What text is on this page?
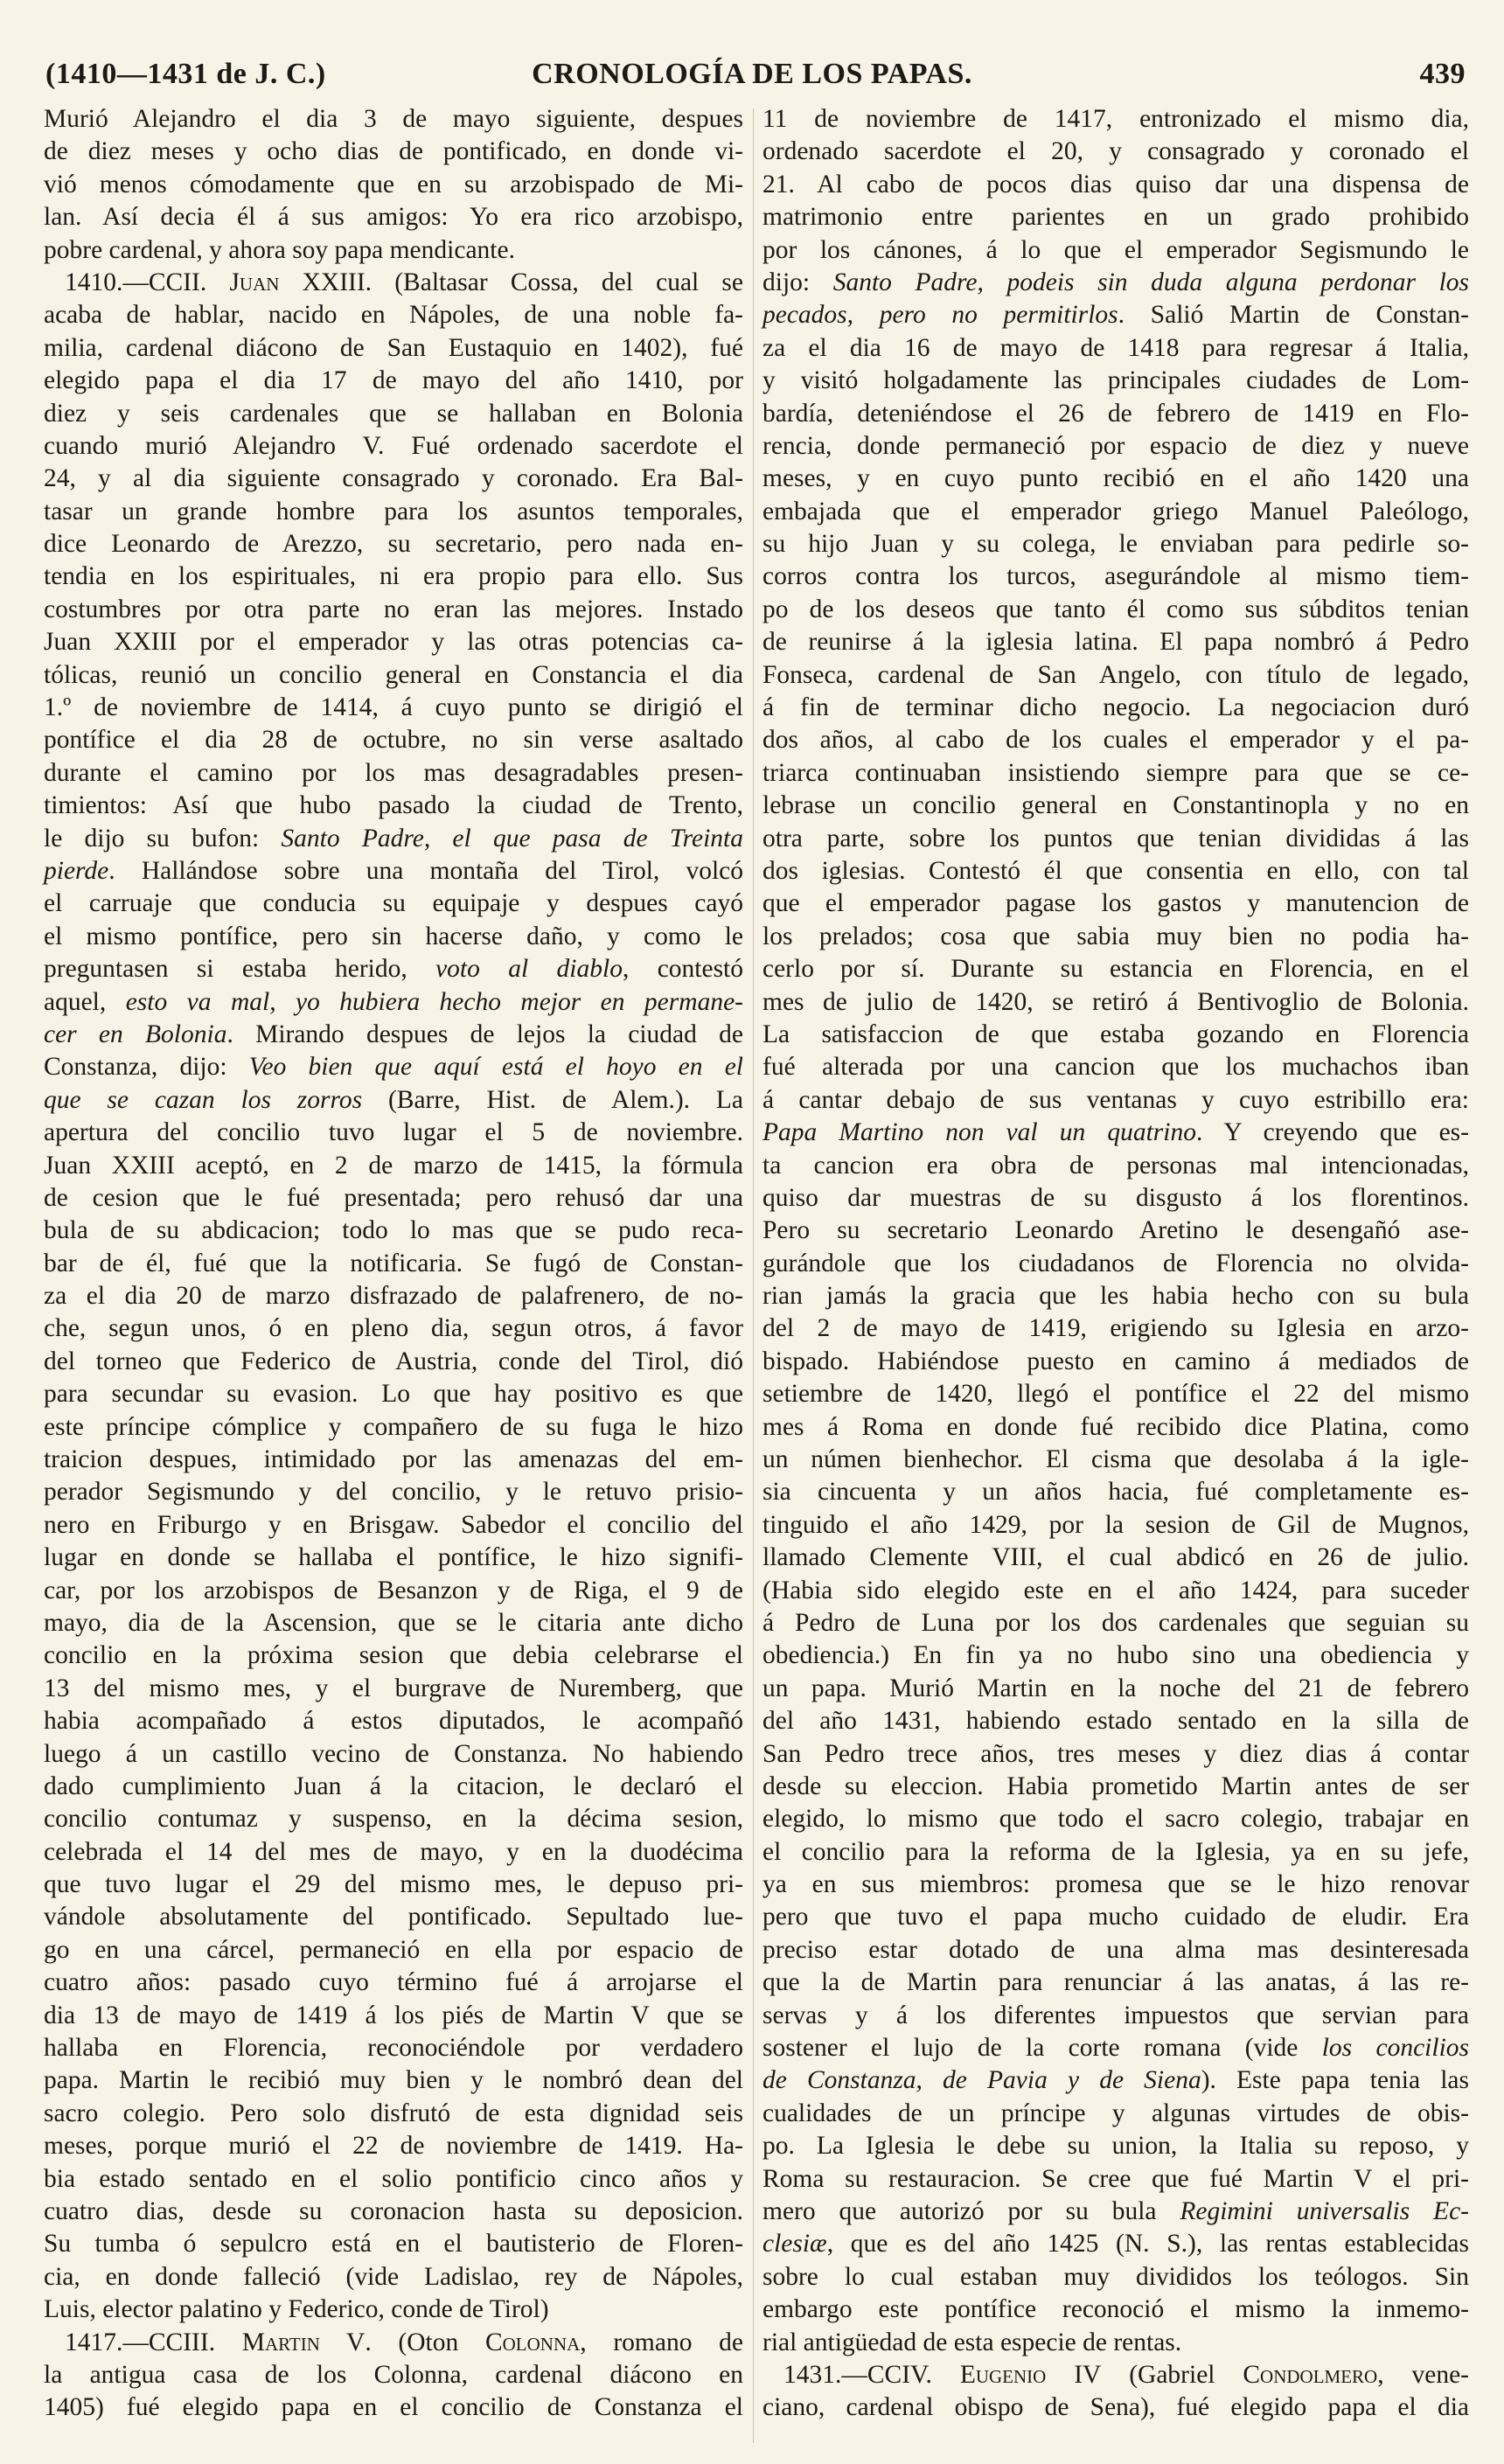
(1410—1431 de J. C.)	CRONOLOGÍA DE LOS PAPAS.	439
Murió Alejandro el dia 3 de mayo siguiente, despues
de diez meses y ocho dias de pontificado, en donde vi-
vió menos cómodamente que en su arzobispado de Mi-
lan. Así decia él á sus amigos: Yo era rico arzobispo,
pobre cardenal, y ahora soy papa mendicante.
1410.—CCII. Juan XXIII. (Baltasar Cossa, del cual se
acaba de hablar, nacido en Nápoles, de una noble fa-
milia, cardenal diácono de San Eustaquio en 1402), fué
elegido papa el dia 17 de mayo del año 1410, por
diez y seis cardenales que se hallaban en Bolonia
cuando murió Alejandro V. Fué ordenado sacerdote el
24, y al dia siguiente consagrado y coronado. Era Bal-
tasar un grande hombre para los asuntos temporales,
dice Leonardo de Arezzo, su secretario, pero nada en-
tendia en los espirituales, ni era propio para ello. Sus
costumbres por otra parte no eran las mejores. Instado
Juan XXIII por el emperador y las otras potencias ca-
tólicas, reunió un concilio general en Constancia el dia
1.º de noviembre de 1414, á cuyo punto se dirigió el
pontífice el dia 28 de octubre, no sin verse asaltado
durante el camino por los mas desagradables presen-
timientos: Así que hubo pasado la ciudad de Trento,
le dijo su bufon: Santo Padre, el que pasa de Treinta
pierde. Hallándose sobre una montaña del Tirol, volcó
el carruaje que conducia su equipaje y despues cayó
el mismo pontífice, pero sin hacerse daño, y como le
preguntasen si estaba herido, voto al diablo, contestó
aquel, esto va mal, yo hubiera hecho mejor en permane-
cer en Bolonia. Mirando despues de lejos la ciudad de
Constanza, dijo: Veo bien que aquí está el hoyo en el
que se cazan los zorros (Barre, Hist. de Alem.). La
apertura del concilio tuvo lugar el 5 de noviembre.
Juan XXIII aceptó, en 2 de marzo de 1415, la fórmula
de cesion que le fué presentada; pero rehusó dar una
bula de su abdicacion; todo lo mas que se pudo reca-
bar de él, fué que la notificaria. Se fugó de Constan-
za el dia 20 de marzo disfrazado de palafrenero, de no-
che, segun unos, ó en pleno dia, segun otros, á favor
del torneo que Federico de Austria, conde del Tirol, dió
para secundar su evasion. Lo que hay positivo es que
este príncipe cómplice y compañero de su fuga le hizo
traicion despues, intimidado por las amenazas del em-
perador Segismundo y del concilio, y le retuvo prisio-
nero en Friburgo y en Brisgaw. Sabedor el concilio del
lugar en donde se hallaba el pontífice, le hizo signifi-
car, por los arzobispos de Besanzon y de Riga, el 9 de
mayo, dia de la Ascension, que se le citaria ante dicho
concilio en la próxima sesion que debia celebrarse el
13 del mismo mes, y el burgrave de Nuremberg, que
habia acompañado á estos diputados, le acompañó
luego á un castillo vecino de Constanza. No habiendo
dado cumplimiento Juan á la citacion, le declaró el
concilio contumaz y suspenso, en la décima sesion,
celebrada el 14 del mes de mayo, y en la duodécima
que tuvo lugar el 29 del mismo mes, le depuso pri-
vándole absolutamente del pontificado. Sepultado lue-
go en una cárcel, permaneció en ella por espacio de
cuatro años: pasado cuyo término fué á arrojarse el
dia 13 de mayo de 1419 á los piés de Martin V que se
hallaba en Florencia, reconociéndole por verdadero
papa. Martin le recibió muy bien y le nombró dean del
sacro colegio. Pero solo disfrutó de esta dignidad seis
meses, porque murió el 22 de noviembre de 1419. Ha-
bia estado sentado en el solio pontificio cinco años y
cuatro dias, desde su coronacion hasta su deposicion.
Su tumba ó sepulcro está en el bautisterio de Floren-
cia, en donde falleció (vide Ladislao, rey de Nápoles,
Luis, elector palatino y Federico, conde de Tirol)
1417.—CCIII. Martin V. (Oton Colonna, romano de
la antigua casa de los Colonna, cardenal diácono en
1405) fué elegido papa en el concilio de Constanza el
11 de noviembre de 1417, entronizado el mismo dia,
ordenado sacerdote el 20, y consagrado y coronado el
21. Al cabo de pocos dias quiso dar una dispensa de
matrimonio entre parientes en un grado prohibido
por los cánones, á lo que el emperador Segismundo le
dijo: Santo Padre, podeis sin duda alguna perdonar los
pecados, pero no permitirlos. Salió Martin de Constan-
za el dia 16 de mayo de 1418 para regresar á Italia,
y visitó holgadamente las principales ciudades de Lom-
bardía, deteniéndose el 26 de febrero de 1419 en Flo-
rencia, donde permaneció por espacio de diez y nueve
meses, y en cuyo punto recibió en el año 1420 una
embajada que el emperador griego Manuel Paleólogo,
su hijo Juan y su colega, le enviaban para pedirle so-
corros contra los turcos, asegurándole al mismo tiem-
po de los deseos que tanto él como sus súbditos tenian
de reunirse á la iglesia latina. El papa nombró á Pedro
Fonseca, cardenal de San Angelo, con título de legado,
á fin de terminar dicho negocio. La negociacion duró
dos años, al cabo de los cuales el emperador y el pa-
triarca continuaban insistiendo siempre para que se ce-
lebrase un concilio general en Constantinopla y no en
otra parte, sobre los puntos que tenian divididas á las
dos iglesias. Contestó él que consentia en ello, con tal
que el emperador pagase los gastos y manutencion de
los prelados; cosa que sabia muy bien no podia ha-
cerlo por sí. Durante su estancia en Florencia, en el
mes de julio de 1420, se retiró á Bentivoglio de Bolonia.
La satisfaccion de que estaba gozando en Florencia
fué alterada por una cancion que los muchachos iban
á cantar debajo de sus ventanas y cuyo estribillo era:
Papa Martino non val un quatrino. Y creyendo que es-
ta cancion era obra de personas mal intencionadas,
quiso dar muestras de su disgusto á los florentinos.
Pero su secretario Leonardo Aretino le desengañó ase-
gurándole que los ciudadanos de Florencia no olvida-
rian jamás la gracia que les habia hecho con su bula
del 2 de mayo de 1419, erigiendo su Iglesia en arzo-
bispado. Habiéndose puesto en camino á mediados de
setiembre de 1420, llegó el pontífice el 22 del mismo
mes á Roma en donde fué recibido dice Platina, como
un númen bienhechor. El cisma que desolaba á la igle-
sia cincuenta y un años hacia, fué completamente es-
tinguido el año 1429, por la sesion de Gil de Mugnos,
llamado Clemente VIII, el cual abdicó en 26 de julio.
(Habia sido elegido este en el año 1424, para suceder
á Pedro de Luna por los dos cardenales que seguian su
obediencia.) En fin ya no hubo sino una obediencia y
un papa. Murió Martin en la noche del 21 de febrero
del año 1431, habiendo estado sentado en la silla de
San Pedro trece años, tres meses y diez dias á contar
desde su eleccion. Habia prometido Martin antes de ser
elegido, lo mismo que todo el sacro colegio, trabajar en
el concilio para la reforma de la Iglesia, ya en su jefe,
ya en sus miembros: promesa que se le hizo renovar
pero que tuvo el papa mucho cuidado de eludir. Era
preciso estar dotado de una alma mas desinteresada
que la de Martin para renunciar á las anatas, á las re-
servas y á los diferentes impuestos que servian para
sostener el lujo de la corte romana (vide los concilios
de Constanza, de Pavia y de Siena). Este papa tenia las
cualidades de un príncipe y algunas virtudes de obis-
po. La Iglesia le debe su union, la Italia su reposo, y
Roma su restauracion. Se cree que fué Martin V el pri-
mero que autorizó por su bula Regimini universalis Ec-
clesiæ, que es del año 1425 (N. S.), las rentas establecidas
sobre lo cual estaban muy divididos los teólogos. Sin
embargo este pontífice reconoció el mismo la inmemo-
rial antigüedad de esta especie de rentas.
1431.—CCIV. Eugenio IV (Gabriel Condolmero, vene-
ciano, cardenal obispo de Sena), fué elegido papa el dia
